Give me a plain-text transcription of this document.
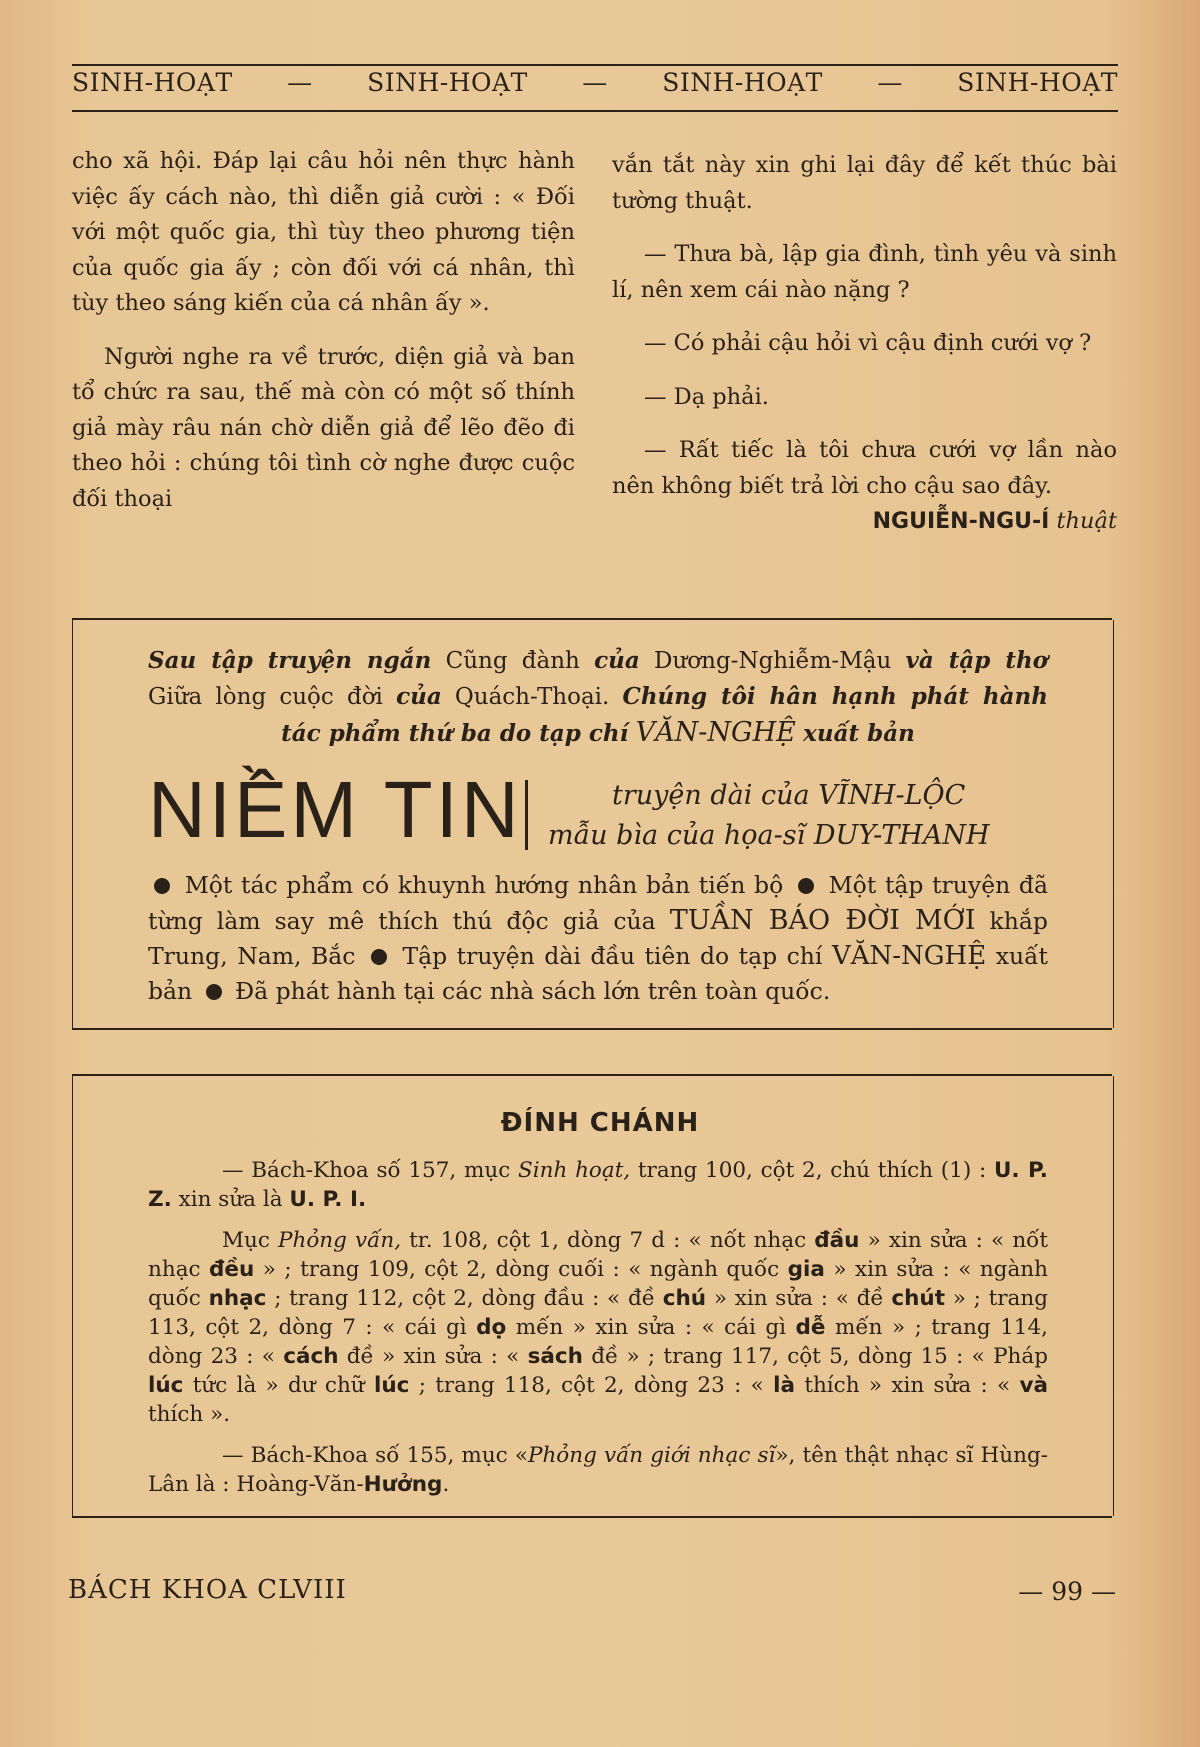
SINH-HOẠT — SINH-HOẠT — SINH-HOẠT — SINH-HOẠT

cho xã hội. Đáp lại câu hỏi nên thực hành việc ấy cách nào, thì diễn giả cười : « Đối với một quốc gia, thì tùy theo phương tiện của quốc gia ấy ; còn đối với cá nhân, thì tùy theo sáng kiến của cá nhân ấy ».

Người nghe ra về trước, diện giả và ban tổ chức ra sau, thế mà còn có một số thính giả mày râu nán chờ diễn giả để lẽo đẽo đi theo hỏi : chúng tôi tình cờ nghe được cuộc đối thoại

vắn tắt này xin ghi lại đây để kết thúc bài tường thuật.

— Thưa bà, lập gia đình, tình yêu và sinh lí, nên xem cái nào nặng ?

— Có phải cậu hỏi vì cậu định cưới vợ ?

— Dạ phải.

— Rất tiếc là tôi chưa cưới vợ lần nào nên không biết trả lời cho cậu sao đây.

NGUIỄN-NGU-Í thuật

Sau tập truyện ngắn Cũng đành của Dương-Nghiễm-Mậu và tập thơ
Giữa lòng cuộc đời của Quách-Thoại. Chúng tôi hân hạnh phát hành
tác phẩm thứ ba do tạp chí VĂN-NGHỆ xuất bản
NIỀM TIN	truyện dài của VĨNH-LỘC
mẫu bìa của họa-sĩ DUY-THANH
Một tác phẩm có khuynh hướng nhân bản tiến bộ Một tập truyện đã từng làm say mê thích thú độc giả của TUẦN BÁO ĐỜI MỚI khắp Trung, Nam, Bắc Tập truyện dài đầu tiên do tạp chí VĂN-NGHỆ xuất bản Đã phát hành tại các nhà sách lớn trên toàn quốc.
ĐÍNH CHÁNH

— Bách-Khoa số 157, mục Sinh hoạt, trang 100, cột 2, chú thích (1) : U. P. Z. xin sửa là U. P. I.

Mục Phỏng vấn, tr. 108, cột 1, dòng 7 d : « nốt nhạc đầu » xin sửa : « nốt nhạc đều » ; trang 109, cột 2, dòng cuối : « ngành quốc gia » xin sửa : « ngành quốc nhạc ; trang 112, cột 2, dòng đầu : « đề chú » xin sửa : « đề chút » ; trang 113, cột 2, dòng 7 : « cái gì dọ mến » xin sửa : « cái gì dễ mến » ; trang 114, dòng 23 : « cách đề » xin sửa : « sách đề » ; trang 117, cột 5, dòng 15 : « Pháp lúc tức là » dư chữ lúc ; trang 118, cột 2, dòng 23 : « là thích » xin sửa : « và thích ».

— Bách-Khoa số 155, mục «Phỏng vấn giới nhạc sĩ», tên thật nhạc sĩ Hùng-Lân là : Hoàng-Văn-Hưởng.

BÁCH KHOA CLVIII	— 99 —
